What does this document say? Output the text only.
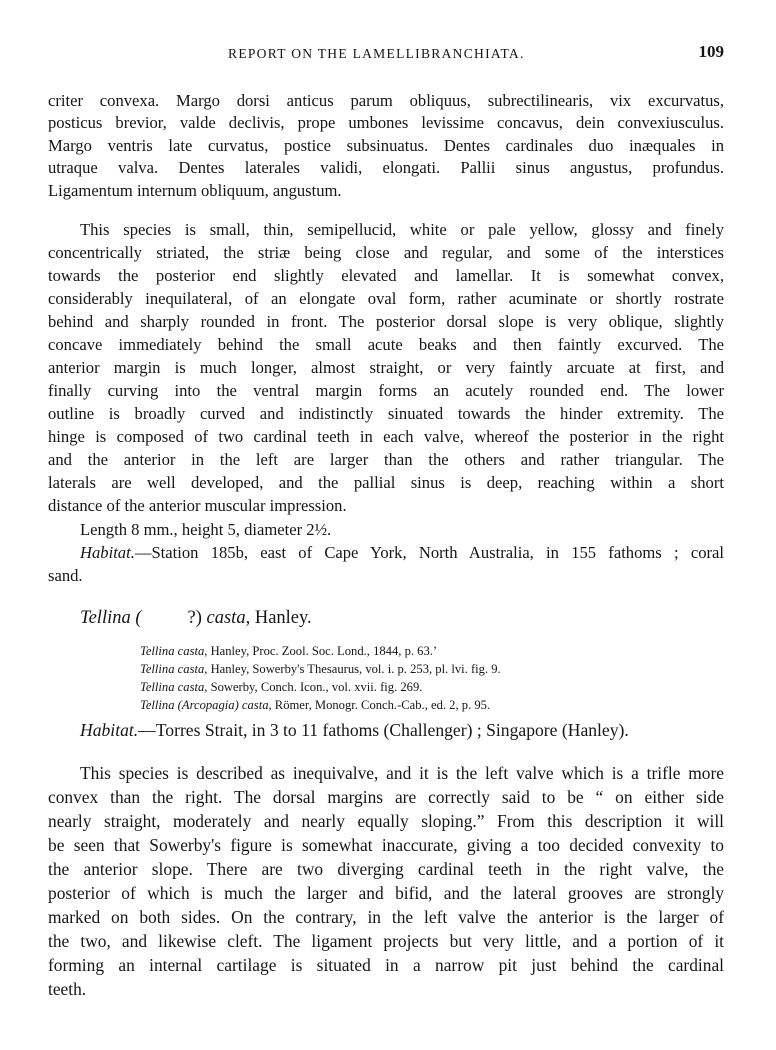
REPORT ON THE LAMELLIBRANCHIATA.	109
criter convexa. Margo dorsi anticus parum obliquus, subrectilinearis, vix excurvatus,
posticus brevior, valde declivis, prope umbones levissime concavus, dein convexiusculus.
Margo ventris late curvatus, postice subsinuatus. Dentes cardinales duo inæquales in
utraque valva. Dentes laterales validi, elongati. Pallii sinus angustus, profundus.
Ligamentum internum obliquum, angustum.
This species is small, thin, semipellucid, white or pale yellow, glossy and finely
concentrically striated, the striæ being close and regular, and some of the interstices
towards the posterior end slightly elevated and lamellar. It is somewhat convex,
considerably inequilateral, of an elongate oval form, rather acuminate or shortly rostrate
behind and sharply rounded in front. The posterior dorsal slope is very oblique, slightly
concave immediately behind the small acute beaks and then faintly excurved. The
anterior margin is much longer, almost straight, or very faintly arcuate at first, and
finally curving into the ventral margin forms an acutely rounded end. The lower
outline is broadly curved and indistinctly sinuated towards the hinder extremity. The
hinge is composed of two cardinal teeth in each valve, whereof the posterior in the right
and the anterior in the left are larger than the others and rather triangular. The
laterals are well developed, and the pallial sinus is deep, reaching within a short
distance of the anterior muscular impression.
Length 8 mm., height 5, diameter 2½.
Habitat.—Station 185b, east of Cape York, North Australia, in 155 fathoms ; coral
sand.
Tellina ( ?) casta, Hanley.
Tellina casta, Hanley, Proc. Zool. Soc. Lond., 1844, p. 63.’
Tellina casta, Hanley, Sowerby's Thesaurus, vol. i. p. 253, pl. lvi. fig. 9.
Tellina casta, Sowerby, Conch. Icon., vol. xvii. fig. 269.
Tellina (Arcopagia) casta, Römer, Monogr. Conch.-Cab., ed. 2, p. 95.
Habitat.—Torres Strait, in 3 to 11 fathoms (Challenger) ; Singapore (Hanley).
This species is described as inequivalve, and it is the left valve which is a trifle more
convex than the right. The dorsal margins are correctly said to be “ on either side
nearly straight, moderately and nearly equally sloping.” From this description it will
be seen that Sowerby's figure is somewhat inaccurate, giving a too decided convexity to
the anterior slope. There are two diverging cardinal teeth in the right valve, the
posterior of which is much the larger and bifid, and the lateral grooves are strongly
marked on both sides. On the contrary, in the left valve the anterior is the larger of
the two, and likewise cleft. The ligament projects but very little, and a portion of it
forming an internal cartilage is situated in a narrow pit just behind the cardinal
teeth.
